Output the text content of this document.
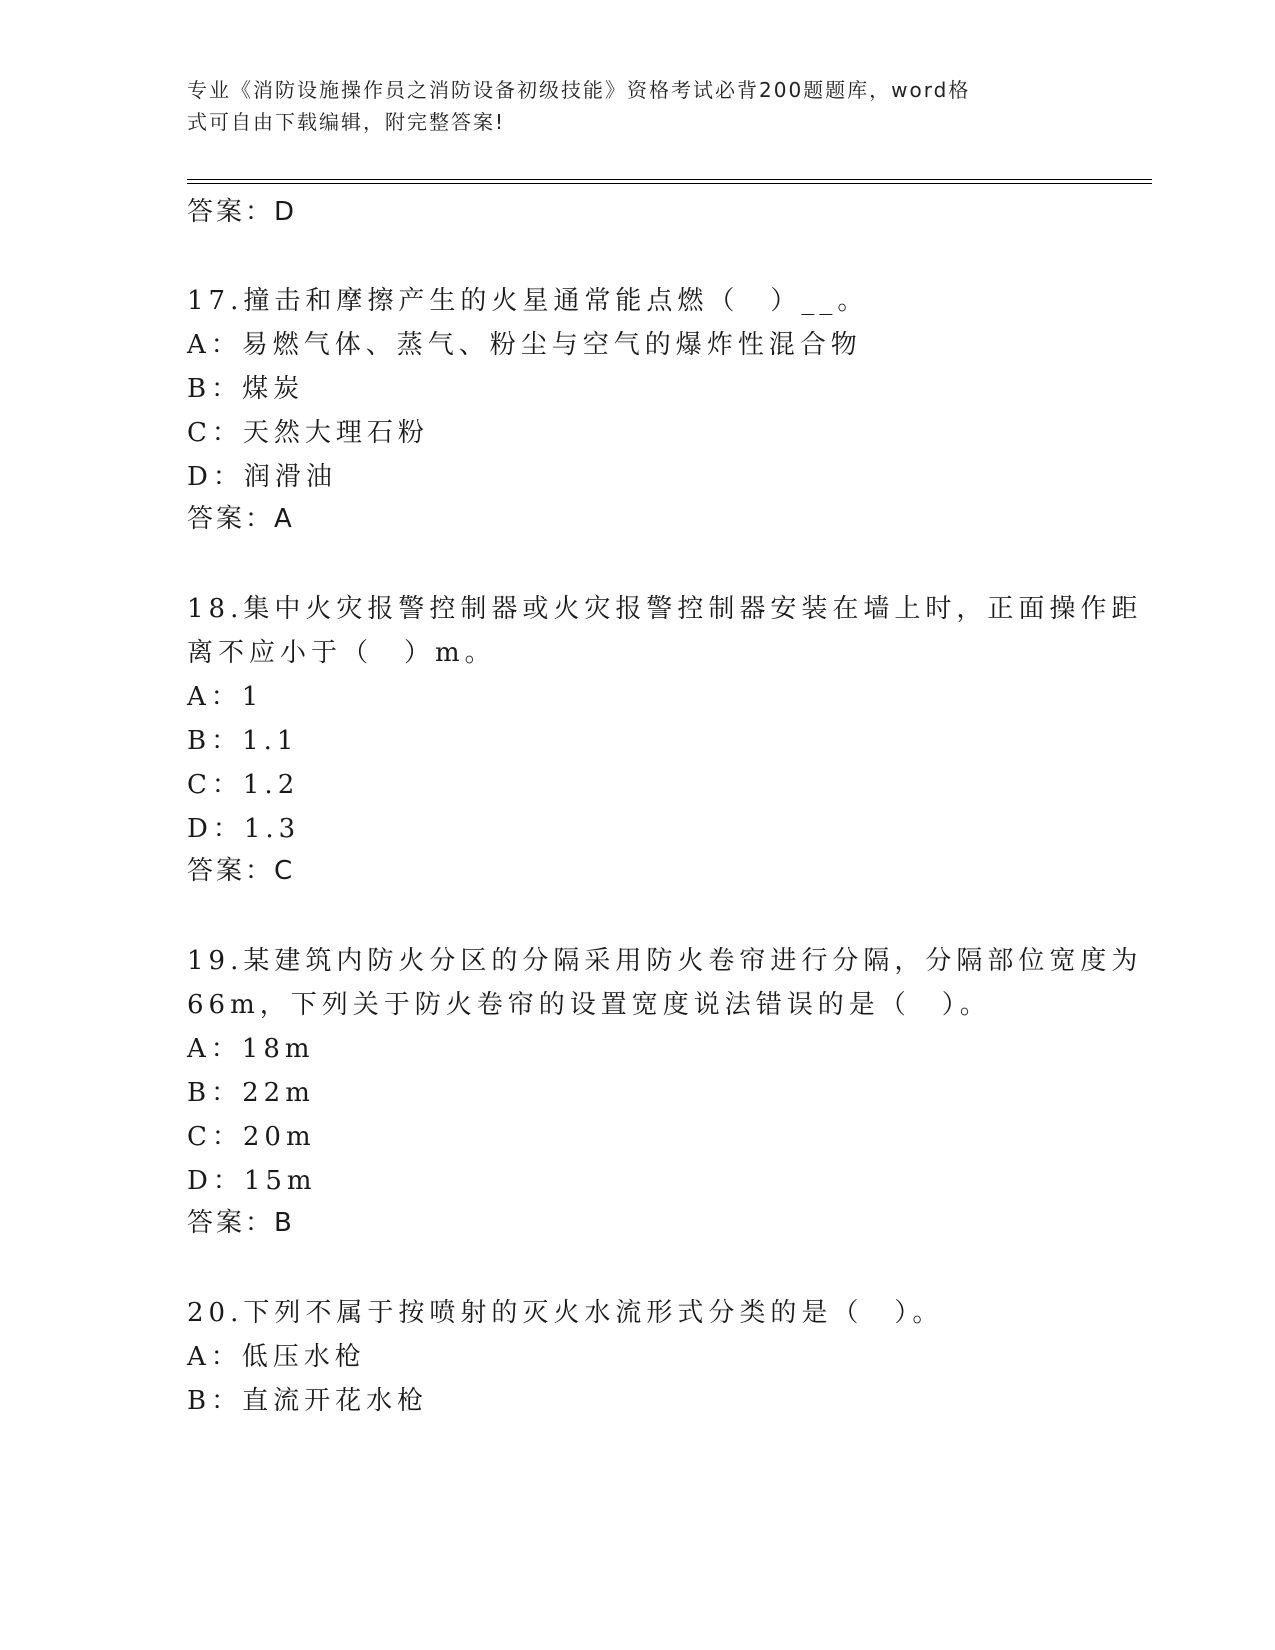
专业《消防设施操作员之消防设备初级技能》资格考试必背200题题库，word格
式可自由下载编辑，附完整答案!
答案：D
17.撞击和摩擦产生的火星通常能点燃（　）__。
A：易燃气体、蒸气、粉尘与空气的爆炸性混合物
B：煤炭
C：天然大理石粉
D：润滑油
答案：A
18.集中火灾报警控制器或火灾报警控制器安装在墙上时，正面操作距
离不应小于（　）m。
A：1
B：1.1
C：1.2
D：1.3
答案：C
19.某建筑内防火分区的分隔采用防火卷帘进行分隔，分隔部位宽度为
66m，下列关于防火卷帘的设置宽度说法错误的是（　）。
A：18m
B：22m
C：20m
D：15m
答案：B
20.下列不属于按喷射的灭火水流形式分类的是（　）。
A：低压水枪
B：直流开花水枪
